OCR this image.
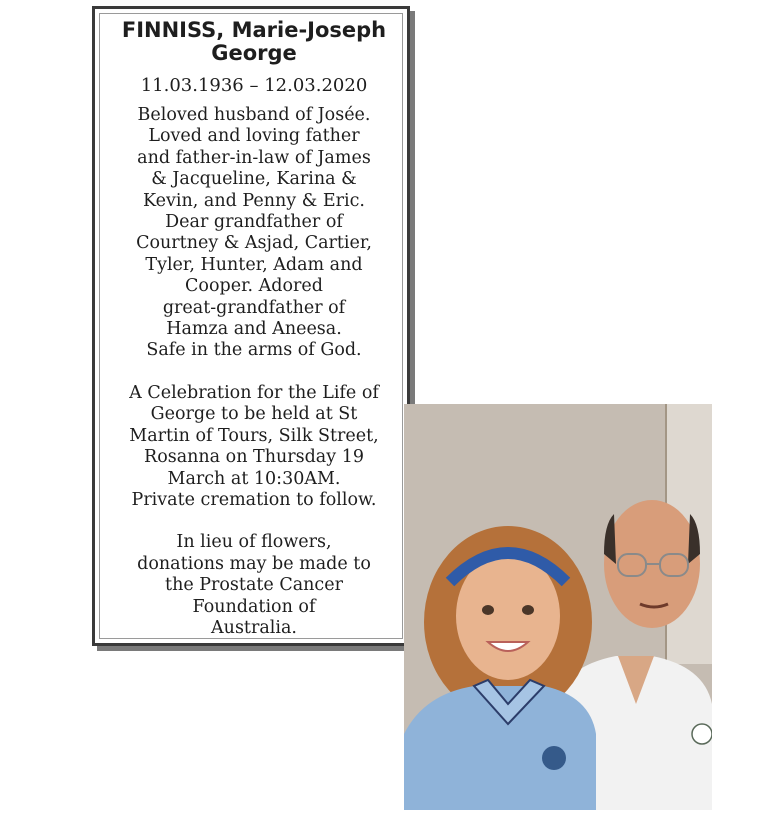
FINNISS, Marie-Joseph
George
11.03.1936 – 12.03.2020

Beloved husband of Josée.
Loved and loving father
and father-in-law of James
& Jacqueline, Karina &
Kevin, and Penny & Eric.
Dear grandfather of
Courtney & Asjad, Cartier,
Tyler, Hunter, Adam and
Cooper. Adored
great-grandfather of
Hamza and Aneesa.
Safe in the arms of God.

A Celebration for the Life of
George to be held at St
Martin of Tours, Silk Street,
Rosanna on Thursday 19
March at 10:30AM.
Private cremation to follow.

In lieu of flowers,
donations may be made to
the Prostate Cancer
Foundation of
Australia.
